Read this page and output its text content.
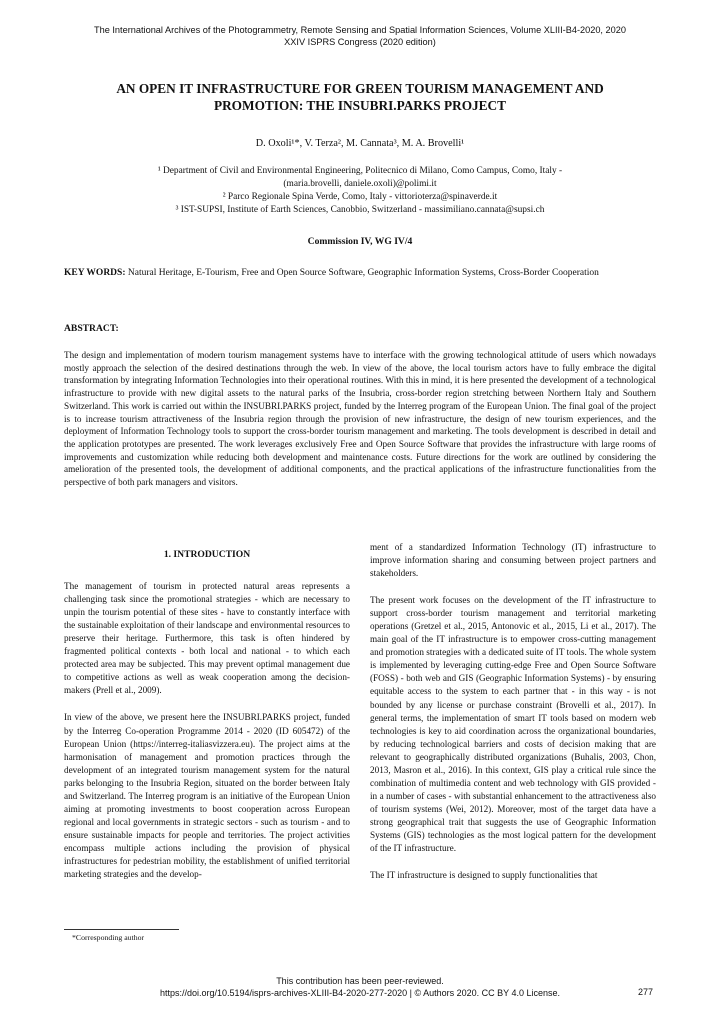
The International Archives of the Photogrammetry, Remote Sensing and Spatial Information Sciences, Volume XLIII-B4-2020, 2020
XXIV ISPRS Congress (2020 edition)
AN OPEN IT INFRASTRUCTURE FOR GREEN TOURISM MANAGEMENT AND
PROMOTION: THE INSUBRI.PARKS PROJECT
D. Oxoli¹*, V. Terza², M. Cannata³, M. A. Brovelli¹
¹ Department of Civil and Environmental Engineering, Politecnico di Milano, Como Campus, Como, Italy -
(maria.brovelli, daniele.oxoli)@polimi.it
² Parco Regionale Spina Verde, Como, Italy - vittorioterza@spinaverde.it
³ IST-SUPSI, Institute of Earth Sciences, Canobbio, Switzerland - massimiliano.cannata@supsi.ch
Commission IV, WG IV/4
KEY WORDS: Natural Heritage, E-Tourism, Free and Open Source Software, Geographic Information Systems, Cross-Border Cooperation
ABSTRACT:
The design and implementation of modern tourism management systems have to interface with the growing technological attitude of users which nowadays mostly approach the selection of the desired destinations through the web. In view of the above, the local tourism actors have to fully embrace the digital transformation by integrating Information Technologies into their operational routines. With this in mind, it is here presented the development of a technological infrastructure to provide with new digital assets to the natural parks of the Insubria, cross-border region stretching between Northern Italy and Southern Switzerland. This work is carried out within the INSUBRI.PARKS project, funded by the Interreg program of the European Union. The final goal of the project is to increase tourism attractiveness of the Insubria region through the provision of new infrastructure, the design of new tourism experiences, and the deployment of Information Technology tools to support the cross-border tourism management and marketing. The tools development is described in detail and the application prototypes are presented. The work leverages exclusively Free and Open Source Software that provides the infrastructure with large rooms of improvements and customization while reducing both development and maintenance costs. Future directions for the work are outlined by considering the amelioration of the presented tools, the development of additional components, and the practical applications of the infrastructure functionalities from the perspective of both park managers and visitors.
1. INTRODUCTION

The management of tourism in protected natural areas represents a challenging task since the promotional strategies - which are necessary to unpin the tourism potential of these sites - have to constantly interface with the sustainable exploitation of their landscape and environmental resources to preserve their heritage. Furthermore, this task is often hindered by fragmented political contexts - both local and national - to which each protected area may be subjected. This may prevent optimal management due to competitive actions as well as weak cooperation among the decision-makers (Prell et al., 2009).

In view of the above, we present here the INSUBRI.PARKS project, funded by the Interreg Co-operation Programme 2014 - 2020 (ID 605472) of the European Union (https://interreg-italiasvizzera.eu). The project aims at the harmonisation of management and promotion practices through the development of an integrated tourism management system for the natural parks belonging to the Insubria Region, situated on the border between Italy and Switzerland. The Interreg program is an initiative of the European Union aiming at promoting investments to boost cooperation across European regional and local governments in strategic sectors - such as tourism - and to ensure sustainable impacts for people and territories. The project activities encompass multiple actions including the provision of physical infrastructures for pedestrian mobility, the establishment of unified territorial marketing strategies and the develop-

ment of a standardized Information Technology (IT) infrastructure to improve information sharing and consuming between project partners and stakeholders.

The present work focuses on the development of the IT infrastructure to support cross-border tourism management and territorial marketing operations (Gretzel et al., 2015, Antonovic et al., 2015, Li et al., 2017). The main goal of the IT infrastructure is to empower cross-cutting management and promotion strategies with a dedicated suite of IT tools. The whole system is implemented by leveraging cutting-edge Free and Open Source Software (FOSS) - both web and GIS (Geographic Information Systems) - by ensuring equitable access to the system to each partner that - in this way - is not bounded by any license or purchase constraint (Brovelli et al., 2017). In general terms, the implementation of smart IT tools based on modern web technologies is key to aid coordination across the organizational boundaries, by reducing technological barriers and costs of decision making that are relevant to geographically distributed organizations (Buhalis, 2003, Chon, 2013, Masron et al., 2016). In this context, GIS play a critical rule since the combination of multimedia content and web technology with GIS provided - in a number of cases - with substantial enhancement to the attractiveness also of tourism systems (Wei, 2012). Moreover, most of the target data have a strong geographical trait that suggests the use of Geographic Information Systems (GIS) technologies as the most logical pattern for the development of the IT infrastructure.

The IT infrastructure is designed to supply functionalities that

*Corresponding author
This contribution has been peer-reviewed.
https://doi.org/10.5194/isprs-archives-XLIII-B4-2020-277-2020 | © Authors 2020. CC BY 4.0 License.	277
